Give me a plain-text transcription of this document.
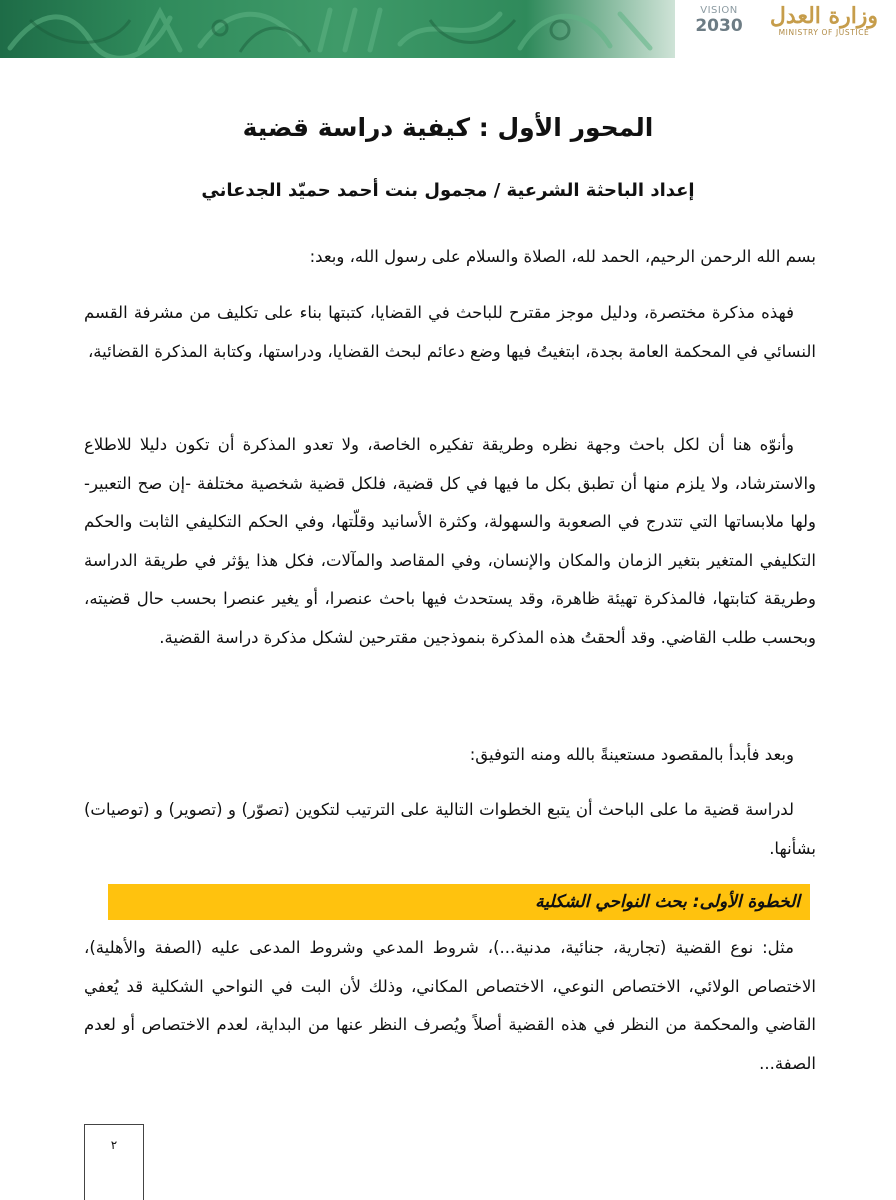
VISION
2030	وزارة العدل
MINISTRY OF JUSTICE
المحور الأول : كيفية دراسة قضية

إعداد الباحثة الشرعية / مجمول بنت أحمد حميّد الجدعاني

بسم الله الرحمن الرحيم، الحمد لله، الصلاة والسلام على رسول الله، وبعد:

فهذه مذكرة مختصرة، ودليل موجز مقترح للباحث في القضايا، كتبتها بناء على تكليف من مشرفة القسم النسائي في المحكمة العامة بجدة، ابتغيتُ فيها وضع دعائم لبحث القضايا، ودراستها، وكتابة المذكرة القضائية،

وأنوّه هنا أن لكل باحث وجهة نظره وطريقة تفكيره الخاصة، ولا تعدو المذكرة أن تكون دليلا للاطلاع والاسترشاد، ولا يلزم منها أن تطبق بكل ما فيها في كل قضية، فلكل قضية شخصية مختلفة -إن صح التعبير- ولها ملابساتها التي تتدرج في الصعوبة والسهولة، وكثرة الأسانيد وقلّتها، وفي الحكم التكليفي الثابت والحكم التكليفي المتغير بتغير الزمان والمكان والإنسان، وفي المقاصد والمآلات، فكل هذا يؤثر في طريقة الدراسة وطريقة كتابتها، فالمذكرة تهيئة ظاهرة، وقد يستحدث فيها باحث عنصرا، أو يغير عنصرا بحسب حال قضيته، وبحسب طلب القاضي. وقد ألحقتُ هذه المذكرة بنموذجين مقترحين لشكل مذكرة دراسة القضية.

وبعد فأبدأ بالمقصود مستعينةً بالله ومنه التوفيق:

لدراسة قضية ما على الباحث أن يتبع الخطوات التالية على الترتيب لتكوين (تصوّر) و (تصوير) و (توصيات) بشأنها.

الخطوة الأولى: بحث النواحي الشكلية

مثل: نوع القضية (تجارية، جنائية، مدنية...)، شروط المدعي وشروط المدعى عليه (الصفة والأهلية)، الاختصاص الولائي، الاختصاص النوعي، الاختصاص المكاني، وذلك لأن البت في النواحي الشكلية قد يُعفي القاضي والمحكمة من النظر في هذه القضية أصلاً ويُصرف النظر عنها من البداية، لعدم الاختصاص أو لعدم الصفة...

٢
